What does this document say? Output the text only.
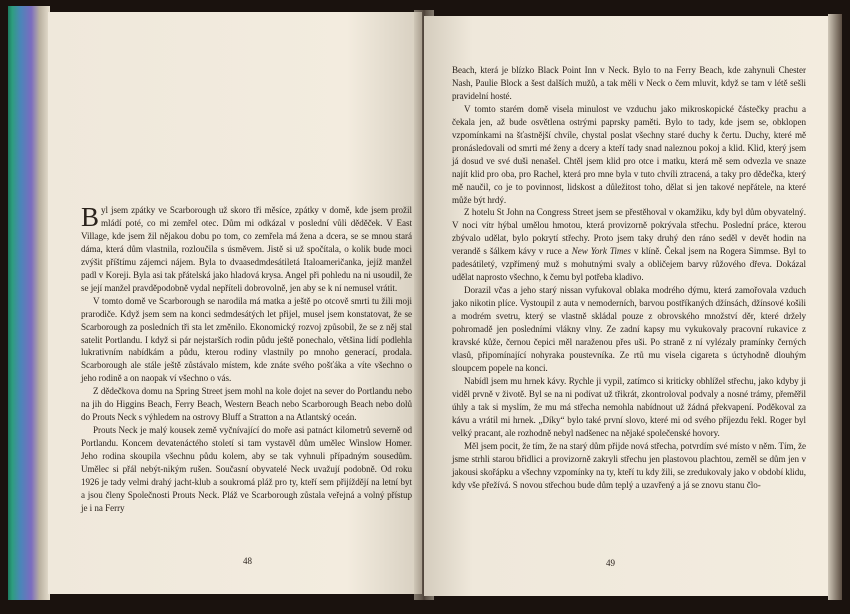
Byl jsem zpátky ve Scarborough už skoro tři měsíce, zpátky v domě, kde jsem prožil mládí poté, co mi zemřel otec. Dům mi odkázal v poslední vůli děděček. V East Village, kde jsem žil nějakou dobu po tom, co zemřela má žena a dcera, se se mnou stará dáma, která dům vlastnila, rozloučila s úsměvem. Jistě si už spočítala, o kolik bude moci zvýšit příštímu zájemci nájem. Byla to dvaasedmdesátiletá Italoameričanka, jejíž manžel padl v Koreji. Byla asi tak přátelská jako hladová krysa. Angel při pohledu na ni usoudil, že se její manžel pravděpodobně vydal nepříteli dobrovolně, jen aby se k ní nemusel vrátit.

V tomto domě ve Scarborough se narodila má matka a ještě po otcově smrti tu žili moji prarodiče. Když jsem sem na konci sedmdesátých let přijel, musel jsem konstatovat, že se Scarborough za posledních tři sta let změnilo. Ekonomický rozvoj způsobil, že se z něj stal satelit Portlandu. I když si pár nejstarších rodin půdu ještě ponechalo, většina lidí podlehla lukrativním nabídkám a půdu, kterou rodiny vlastnily po mnoho generací, prodala. Scarborough ale stále ještě zůstávalo místem, kde znáte svého pošťáka a víte všechno o jeho rodině a on naopak ví všechno o vás.

Z dědečkova domu na Spring Street jsem mohl na kole dojet na sever do Portlandu nebo na jih do Higgins Beach, Ferry Beach, Western Beach nebo Scarborough Beach nebo dolů do Prouts Neck s výhledem na ostrovy Bluff a Stratton a na Atlantský oceán.

Prouts Neck je malý kousek země vyčnívající do moře asi patnáct kilometrů severně od Portlandu. Koncem devatenáctého století si tam vystavěl dům umělec Winslow Homer. Jeho rodina skoupila všechnu půdu kolem, aby se tak vyhnuli případným sousedům. Umělec si přál nebýt-nikým rušen. Současní obyvatelé Neck uvažují podobně. Od roku 1926 je tady velmi drahý jacht-klub a soukromá pláž pro ty, kteří sem přijíždějí na letní byt a jsou členy Společnosti Prouts Neck. Pláž ve Scarborough zůstala veřejná a volný přístup je i na Ferry

48

Beach, která je blízko Black Point Inn v Neck. Bylo to na Ferry Beach, kde zahynuli Chester Nash, Paulie Block a šest dalších mužů, a tak měli v Neck o čem mluvit, když se tam v létě sešli pravidelní hosté.

V tomto starém domě visela minulost ve vzduchu jako mikroskopické částečky prachu a čekala jen, až bude osvětlena ostrými paprsky paměti. Bylo to tady, kde jsem se, obklopen vzpomínkami na šťastnější chvíle, chystal poslat všechny staré duchy k čertu. Duchy, které mě pronásledovali od smrti mé ženy a dcery a kteří tady snad naleznou pokoj a klid. Klid, který jsem já dosud ve své duši nenašel. Chtěl jsem klid pro otce i matku, která mě sem odvezla ve snaze najít klid pro oba, pro Rachel, která pro mne byla v tuto chvíli ztracená, a taky pro dědečka, který mě naučil, co je to povinnost, lidskost a důležitost toho, dělat si jen takové nepřátele, na které může být hrdý.

Z hotelu St John na Congress Street jsem se přestěhoval v okamžiku, kdy byl dům obyvatelný. V noci vítr hýbal umělou hmotou, která provizorně pokrývala střechu. Poslední práce, kterou zbývalo udělat, bylo pokrytí střechy. Proto jsem taky druhý den ráno seděl v devět hodin na verandě s šálkem kávy v ruce a New York Times v klíně. Čekal jsem na Rogera Simmse. Byl to padesátiletý, vzpřímený muž s mohutnými svaly a obličejem barvy růžového dřeva. Dokázal udělat naprosto všechno, k čemu byl potřeba kladivo.

Dorazil včas a jeho starý nissan vyfukoval oblaka modrého dýmu, která zamořovala vzduch jako nikotin plíce. Vystoupil z auta v nemoderních, barvou postříkaných džínsách, džínsové košili a modrém svetru, který se vlastně skládal pouze z obrovského množství děr, které držely pohromadě jen posledními vlákny vlny. Ze zadní kapsy mu vykukovaly pracovní rukavice z kravské kůže, černou čepici měl naraženou přes uši. Po straně z ní vylézaly pramínky černých vlasů, připomínající nohyraka poustevníka. Ze rtů mu visela cigareta s úctyhodně dlouhým sloupcem popele na konci.

Nabídl jsem mu hrnek kávy. Rychle ji vypil, zatímco si kriticky obhlížel střechu, jako kdyby ji viděl prvně v životě. Byl se na ni podívat už třikrát, zkontroloval podvaly a nosné trámy, přeměřil úhly a tak si myslím, že mu má střecha nemohla nabídnout už žádná překvapení. Poděkoval za kávu a vrátil mi hrnek. „Díky“ bylo také první slovo, které mi od svého příjezdu řekl. Roger byl velký pracant, ale rozhodně nebyl nadšenec na nějaké společenské hovory.

Měl jsem pocit, že tím, že na starý dům přijde nová střecha, potvrdím své místo v něm. Tím, že jsme strhli starou břidlici a provizorně zakryli střechu jen plastovou plachtou, zeměl se dům jen v jakousi skořápku a všechny vzpomínky na ty, kteří tu kdy žili, se zredukovaly jako v období klidu, kdy vše přežívá. S novou střechou bude dům teplý a uzavřený a já se znovu stanu člo-

49
